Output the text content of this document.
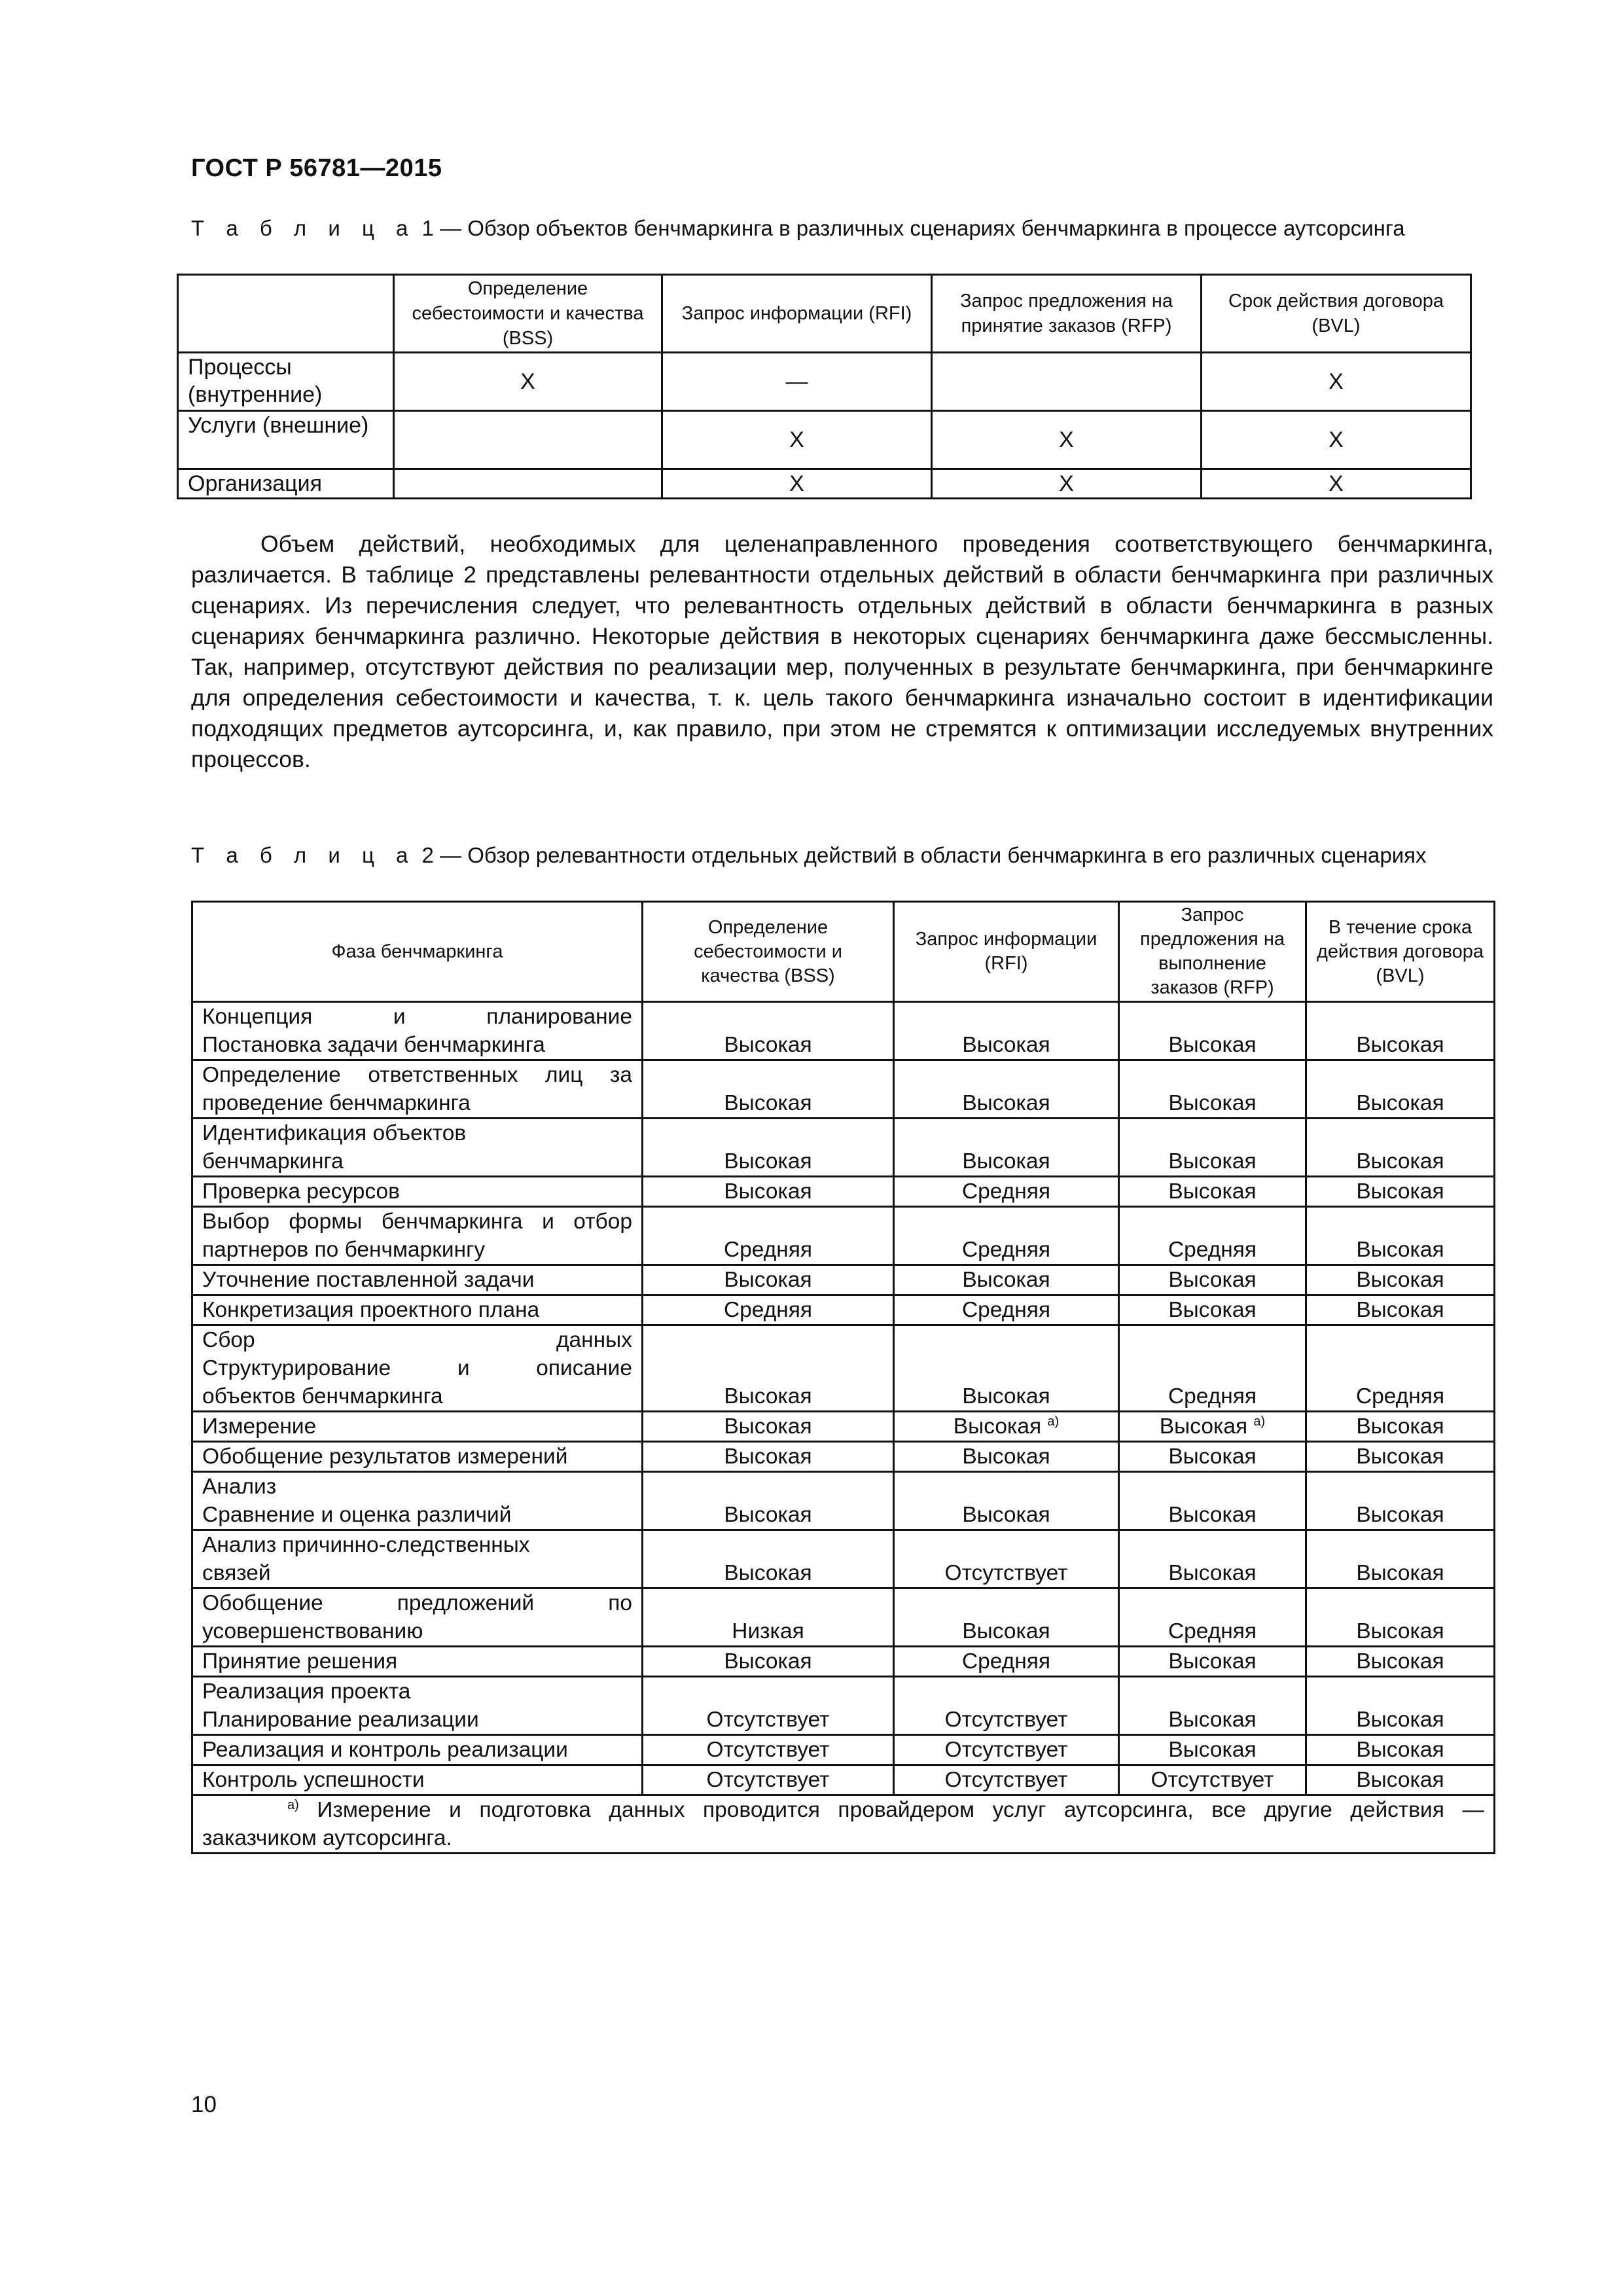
ГОСТ Р 56781—2015
Т а б л и ц а 1 — Обзор объектов бенчмаркинга в различных сценариях бенчмаркинга в процессе аутсорсинга
	Определение себестоимости и качества (BSS)	Запрос информации (RFI)	Запрос предложения на принятие заказов (RFP)	Срок действия договора (BVL)
Процессы (внутренние)	X	—		X
Услуги (внешние)		X	X	X
Организация		X	X	X

Объем действий, необходимых для целенаправленного проведения соответствующего бенчмаркинга, различается. В таблице 2 представлены релевантности отдельных действий в области бенчмаркинга при различных сценариях. Из перечисления следует, что релевантность отдельных действий в области бенчмаркинга в разных сценариях бенчмаркинга различно. Некоторые действия в некоторых сценариях бенчмаркинга даже бессмысленны. Так, например, отсутствуют действия по реализации мер, полученных в результате бенчмаркинга, при бенчмаркинге для определения себестоимости и качества, т. к. цель такого бенчмаркинга изначально состоит в идентификации подходящих предметов аутсорсинга, и, как правило, при этом не стремятся к оптимизации исследуемых внутренних процессов.

Т а б л и ц а 2 — Обзор релевантности отдельных действий в области бенчмаркинга в его различных сценариях
Фаза бенчмаркинга	Определение себестоимости и качества (BSS)	Запрос информации (RFI)	Запрос предложения на выполнение заказов (RFP)	В течение срока действия договора (BVL)

Концепция и планирование
Постановка задачи бенчмаркинга	Высокая	Высокая	Высокая	Высокая

Определение ответственных лиц за
проведение бенчмаркинга	Высокая	Высокая	Высокая	Высокая

Идентификация объектов
бенчмаркинга	Высокая	Высокая	Высокая	Высокая

Проверка ресурсов	Высокая	Средняя	Высокая	Высокая

Выбор формы бенчмаркинга и отбор
партнеров по бенчмаркингу	Средняя	Средняя	Средняя	Высокая

Уточнение поставленной задачи	Высокая	Высокая	Высокая	Высокая

Конкретизация проектного плана	Средняя	Средняя	Высокая	Высокая

Сбор данных
Структурирование и описание
объектов бенчмаркинга	Высокая	Высокая	Средняя	Средняя

Измерение	Высокая	Высокая $^{а)}$	Высокая $^{а)}$	Высокая

Обобщение результатов измерений	Высокая	Высокая	Высокая	Высокая

Анализ
Сравнение и оценка различий	Высокая	Высокая	Высокая	Высокая

Анализ причинно-следственных
связей	Высокая	Отсутствует	Высокая	Высокая

Обобщение предложений по
усовершенствованию	Низкая	Высокая	Средняя	Высокая

Принятие решения	Высокая	Средняя	Высокая	Высокая

Реализация проекта
Планирование реализации	Отсутствует	Отсутствует	Высокая	Высокая

Реализация и контроль реализации	Отсутствует	Отсутствует	Высокая	Высокая

Контроль успешности	Отсутствует	Отсутствует	Отсутствует	Высокая

$^{а)}$ Измерение и подготовка данных проводится провайдером услуг аутсорсинга, все другие действия —
заказчиком аутсорсинга.				
10
